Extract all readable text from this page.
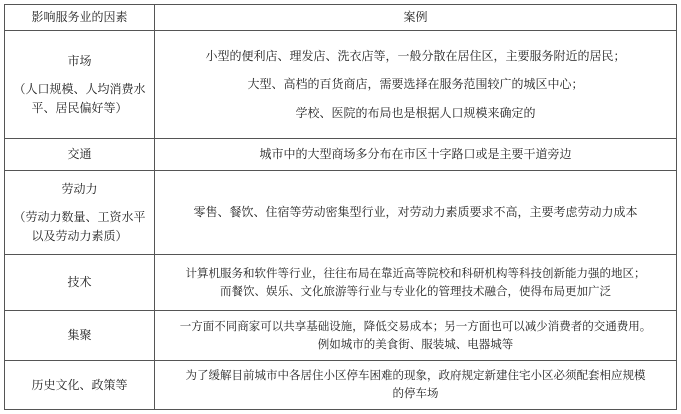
影响服务业的因素	案例

市场
（人口规模、人均消费水
平、居民偏好等）	小型的便利店、理发店、洗衣店等，一般分散在居住区，主要服务附近的居民；
大型、高档的百货商店，需要选择在服务范围较广的城区中心；
学校、医院的布局也是根据人口规模来确定的

交通	城市中的大型商场多分布在市区十字路口或是主要干道旁边

劳动力
（劳动力数量、工资水平
以及劳动力素质）	零售、餐饮、住宿等劳动密集型行业，对劳动力素质要求不高，主要考虑劳动力成本

技术	计算机服务和软件等行业，往往布局在靠近高等院校和科研机构等科技创新能力强的地区；
而餐饮、娱乐、文化旅游等行业与专业化的管理技术融合，使得布局更加广泛

集聚	一方面不同商家可以共享基础设施，降低交易成本；另一方面也可以减少消费者的交通费用。
例如城市的美食街、服装城、电器城等

历史文化、政策等	为了缓解目前城市中各居住小区停车困难的现象，政府规定新建住宅小区必须配套相应规模
的停车场
